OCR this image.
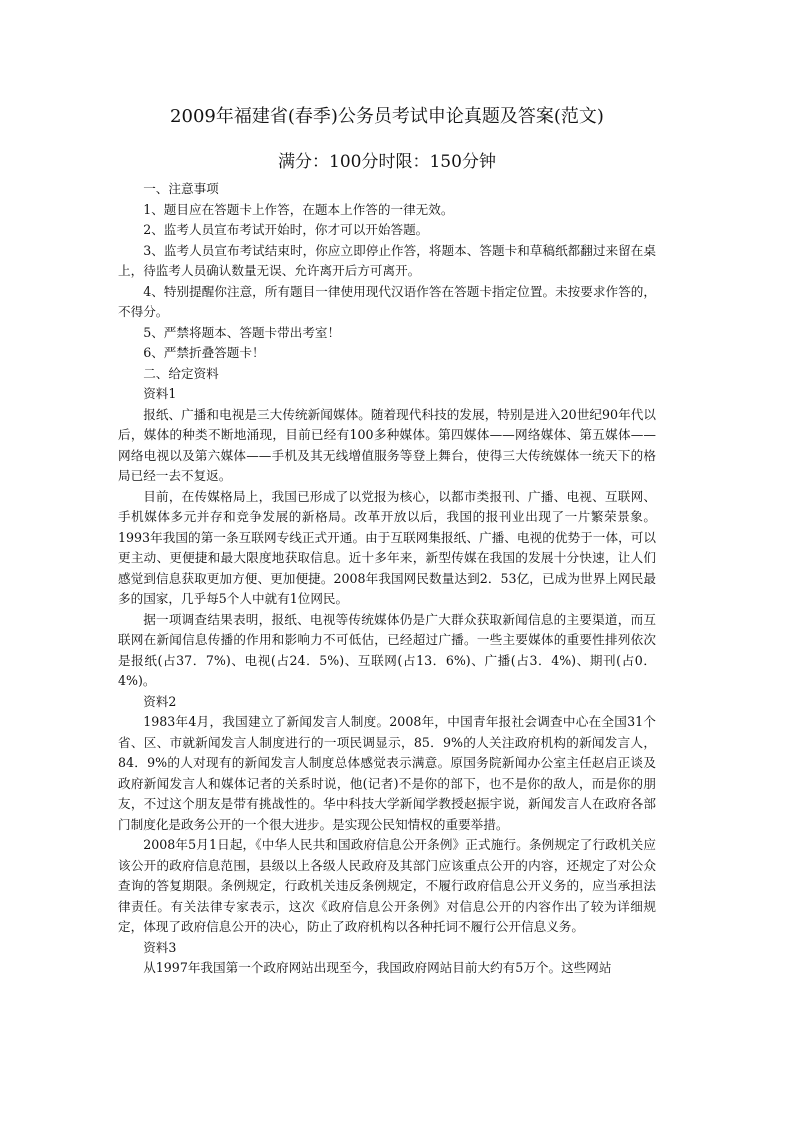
2009年福建省(春季)公务员考试申论真题及答案(范文)
满分：100分时限：150分钟

一、注意事项

1、题目应在答题卡上作答，在题本上作答的一律无效。

2、监考人员宣布考试开始时，你才可以开始答题。

3、监考人员宣布考试结束时，你应立即停止作答，将题本、答题卡和草稿纸都翻过来留在桌上，待监考人员确认数量无误、允许离开后方可离开。

4、特别提醒你注意，所有题目一律使用现代汉语作答在答题卡指定位置。未按要求作答的，不得分。

5、严禁将题本、答题卡带出考室！

6、严禁折叠答题卡！

二、给定资料

资料1

报纸、广播和电视是三大传统新闻媒体。随着现代科技的发展，特别是进入20世纪90年代以后，媒体的种类不断地涌现，目前已经有100多种媒体。第四媒体——网络媒体、第五媒体——网络电视以及第六媒体——手机及其无线增值服务等登上舞台，使得三大传统媒体一统天下的格局已经一去不复返。

目前，在传媒格局上，我国已形成了以党报为核心，以都市类报刊、广播、电视、互联网、手机媒体多元并存和竞争发展的新格局。改革开放以后，我国的报刊业出现了一片繁荣景象。1993年我国的第一条互联网专线正式开通。由于互联网集报纸、广播、电视的优势于一体，可以更主动、更便捷和最大限度地获取信息。近十多年来，新型传媒在我国的发展十分快速，让人们感觉到信息获取更加方便、更加便捷。2008年我国网民数量达到2．53亿，已成为世界上网民最多的国家，几乎每5个人中就有1位网民。

据一项调查结果表明，报纸、电视等传统媒体仍是广大群众获取新闻信息的主要渠道，而互联网在新闻信息传播的作用和影响力不可低估，已经超过广播。一些主要媒体的重要性排列依次是报纸(占37．7%)、电视(占24．5%)、互联网(占13．6%)、广播(占3．4%)、期刊(占0．4%)。

资料2

1983年4月，我国建立了新闻发言人制度。2008年，中国青年报社会调查中心在全国31个省、区、市就新闻发言人制度进行的一项民调显示，85．9%的人关注政府机构的新闻发言人，84．9%的人对现有的新闻发言人制度总体感觉表示满意。原国务院新闻办公室主任赵启正谈及政府新闻发言人和媒体记者的关系时说，他(记者)不是你的部下，也不是你的敌人，而是你的朋友，不过这个朋友是带有挑战性的。华中科技大学新闻学教授赵振宇说，新闻发言人在政府各部门制度化是政务公开的一个很大进步。是实现公民知情权的重要举措。

2008年5月1日起，《中华人民共和国政府信息公开条例》正式施行。条例规定了行政机关应该公开的政府信息范围，县级以上各级人民政府及其部门应该重点公开的内容，还规定了对公众查询的答复期限。条例规定，行政机关违反条例规定，不履行政府信息公开义务的，应当承担法律责任。有关法律专家表示，这次《政府信息公开条例》对信息公开的内容作出了较为详细规定，体现了政府信息公开的决心，防止了政府机构以各种托词不履行公开信息义务。

资料3

从1997年我国第一个政府网站出现至今，我国政府网站目前大约有5万个。这些网站
